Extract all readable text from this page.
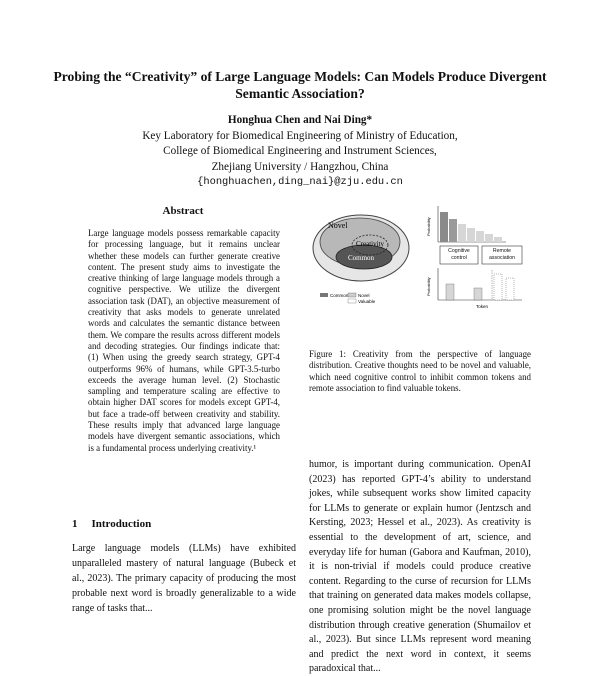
Probing the “Creativity” of Large Language Models: Can Models Produce Divergent Semantic Association?
Honghua Chen and Nai Ding*
Key Laboratory for Biomedical Engineering of Ministry of Education,
College of Biomedical Engineering and Instrument Sciences,
Zhejiang University / Hangzhou, China
{honghuachen,ding_nai}@zju.edu.cn
Abstract
Large language models possess remarkable capacity for processing language, but it remains unclear whether these models can further generate creative content. The present study aims to investigate the creative thinking of large language models through a cognitive perspective. We utilize the divergent association task (DAT), an objective measurement of creativity that asks models to generate unrelated words and calculates the semantic distance between them. We compare the results across different models and decoding strategies. Our findings indicate that: (1) When using the greedy search strategy, GPT-4 outperforms 96% of humans, while GPT-3.5-turbo exceeds the average human level. (2) Stochastic sampling and temperature scaling are effective to obtain higher DAT scores for models except GPT-4, but face a trade-off between creativity and stability. These results imply that advanced large language models have divergent semantic associations, which is a fundamental process underlying creativity.¹
1 Introduction
Large language models (LLMs) have exhibited unparalleled mastery of natural language (Bubeck et al., 2023). The primary capacity of producing the most probable next word is broadly generalizable to a wide range of tasks that...
Novel
Creativity
Common
Common Novel
Valuable
Probability
Cognitive control
Remote association
Probability
Token
Figure 1: Creativity from the perspective of language distribution. Creative thoughts need to be novel and valuable, which need cognitive control to inhibit common tokens and remote association to find valuable tokens.
humor, is important during communication. OpenAI (2023) has reported GPT-4’s ability to understand jokes, while subsequent works show limited capacity for LLMs to generate or explain humor (Jentzsch and Kersting, 2023; Hessel et al., 2023). As creativity is essential to the development of art, science, and everyday life for human (Gabora and Kaufman, 2010), it is non-trivial if models could produce creative content. Regarding to the curse of recursion for LLMs that training on generated data makes models collapse, one promising solution might be the novel language distribution through creative generation (Shumailov et al., 2023). But since LLMs represent word meaning and predict the next word in context, it seems paradoxical that...
